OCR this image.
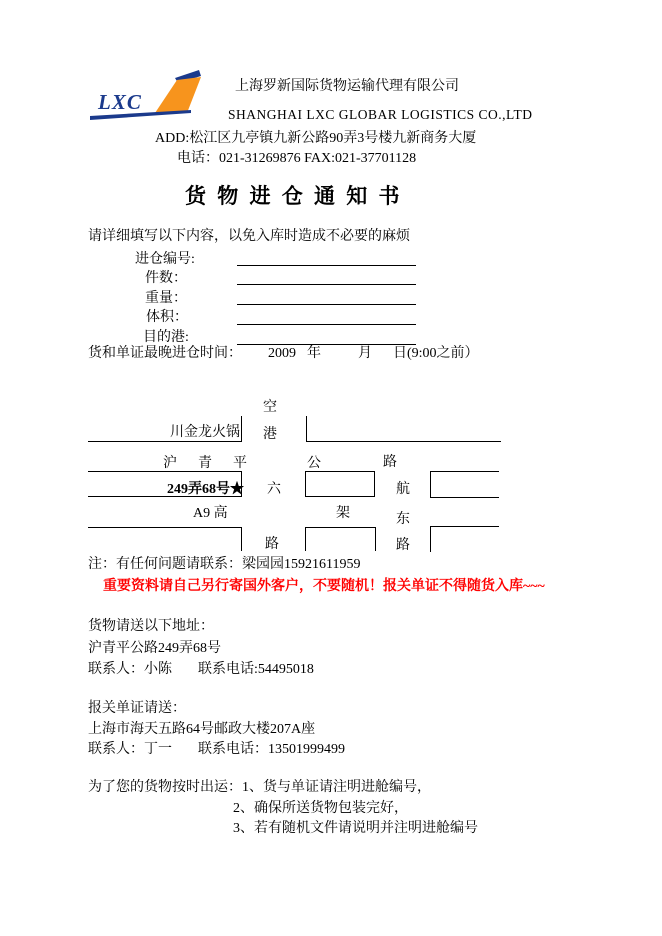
LXC
上海罗新国际货物运输代理有限公司
SHANGHAI LXC GLOBAR LOGISTICS CO.,LTD
ADD:松江区九亭镇九新公路90弄3号楼九新商务大厦
电话：021-31269876 FAX:021-37701128
货 物 进 仓 通 知 书
请详细填写以下内容，以免入库时造成不必要的麻烦
进仓编号:
件数：
重量：
体积：
目的港:
货和单证最晚进仓时间： 2009 年	月 日(9:00之前）
川金龙火锅
空
港
六
路
沪青平	公	路
249弄68号★	航
东
路
A9 高	架
注：有任何问题请联系：梁园园15921611959
重要资料请自己另行寄国外客户，不要随机！报关单证不得随货入库~~~
货物请送以下地址：
沪青平公路249弄68号
联系人：小陈 联系电话:54495018
报关单证请送：
上海市海天五路64号邮政大楼207A座
联系人：丁一 联系电话：13501999499
为了您的货物按时出运：1、货与单证请注明进舱编号，
2、确保所送货物包装完好，
3、若有随机文件请说明并注明进舱编号
